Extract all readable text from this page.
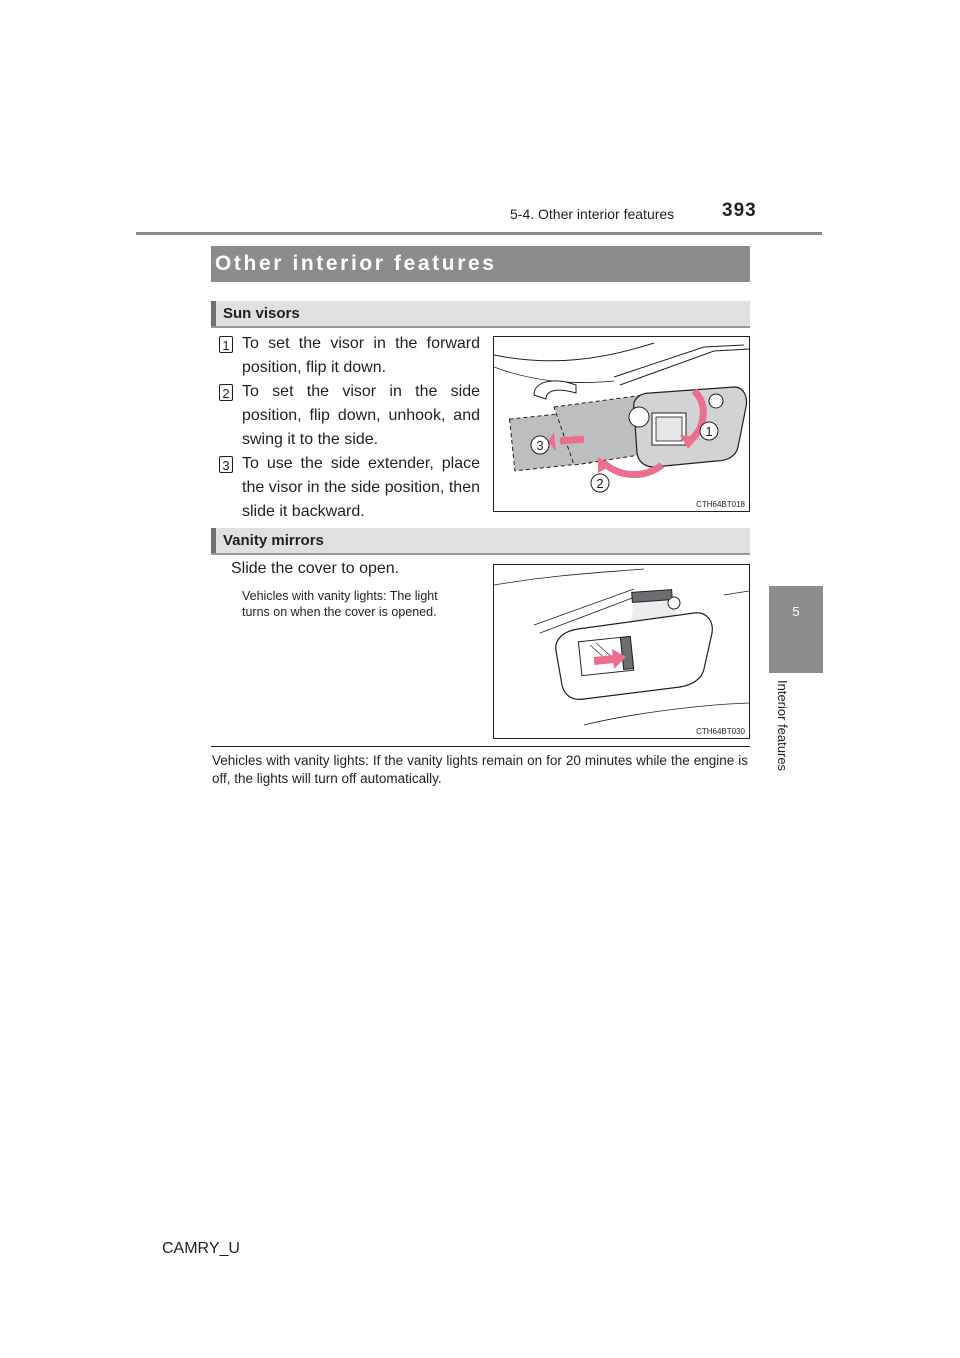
5-4. Other interior features	393
5
Interior features
Other interior features
Sun visors
1 To set the visor in the forward position, flip it down.
2 To set the visor in the side position, flip down, unhook, and swing it to the side.
3 To use the side extender, place the visor in the side position, then slide it backward.
1
2
3
CTH64BT018
Vanity mirrors
Slide the cover to open.
Vehicles with vanity lights: The light turns on when the cover is opened.
CTH64BT030
Vehicles with vanity lights: If the vanity lights remain on for 20 minutes while the engine is off, the lights will turn off automatically.
CAMRY_U
